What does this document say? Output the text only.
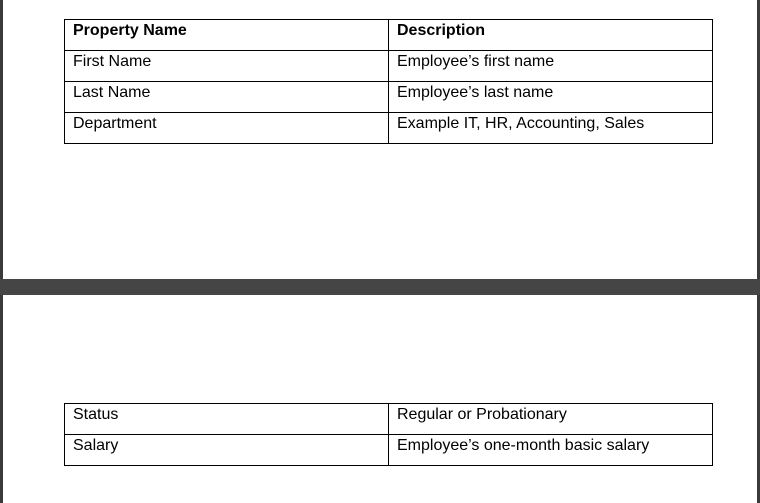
Property Name	Description
First Name	Employee’s first name
Last Name	Employee’s last name
Department	Example IT, HR, Accounting, Sales
Status	Regular or Probationary
Salary	Employee’s one-month basic salary
